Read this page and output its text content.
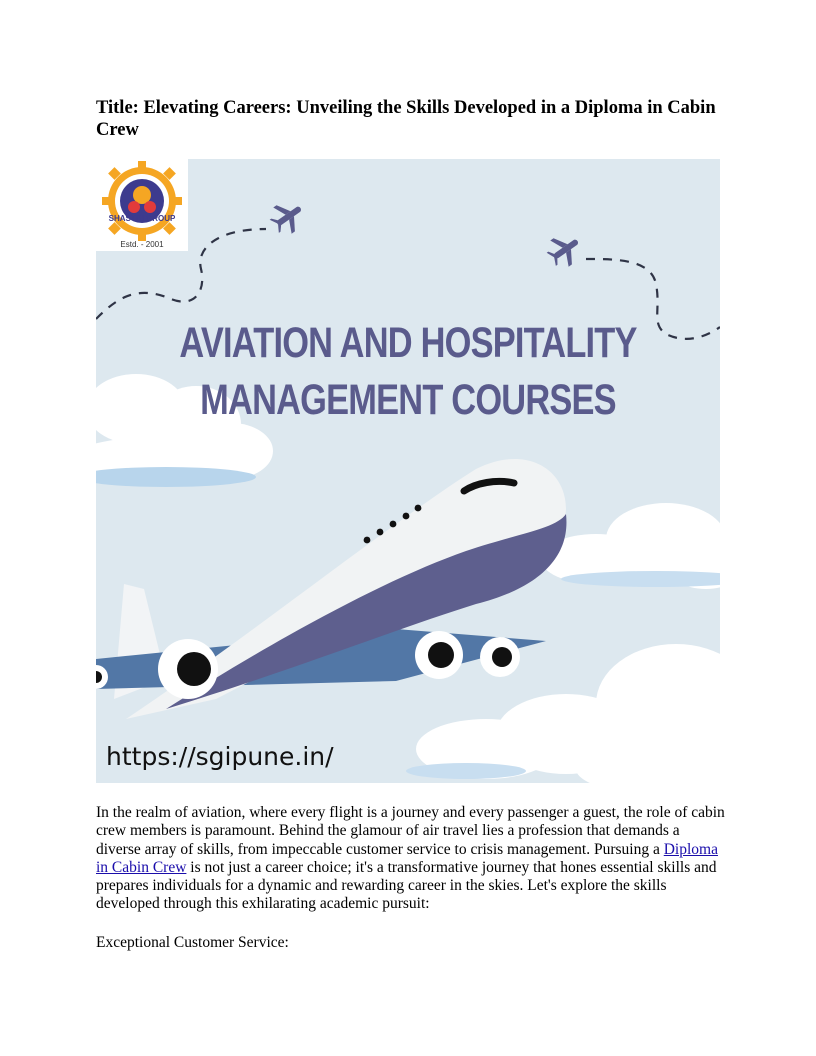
Title: Elevating Careers: Unveiling the Skills Developed in a Diploma in Cabin Crew
SHASTRI GROUP
Estd. - 2001
AVIATION AND HOSPITALITY
MANAGEMENT COURSES
https://sgipune.in/

In the realm of aviation, where every flight is a journey and every passenger a guest, the role of cabin crew members is paramount. Behind the glamour of air travel lies a profession that demands a diverse array of skills, from impeccable customer service to crisis management. Pursuing a Diploma in Cabin Crew is not just a career choice; it's a transformative journey that hones essential skills and prepares individuals for a dynamic and rewarding career in the skies. Let's explore the skills developed through this exhilarating academic pursuit:

Exceptional Customer Service:
